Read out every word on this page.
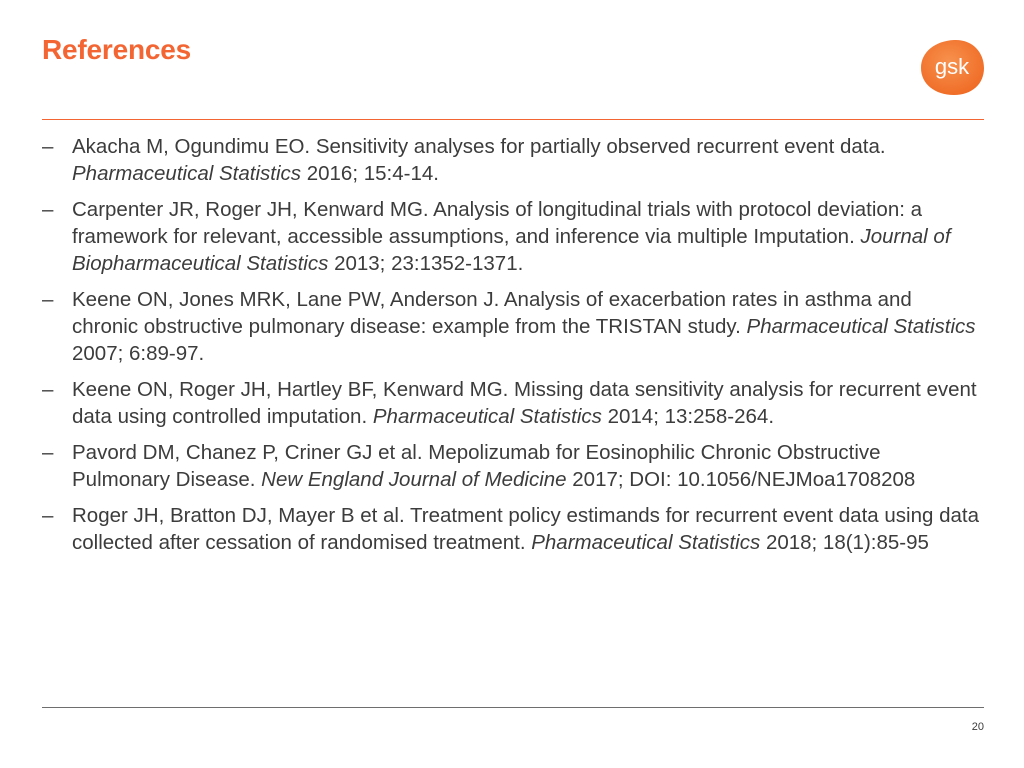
References
gsk
– Akacha M, Ogundimu EO. Sensitivity analyses for partially observed recurrent event data. Pharmaceutical Statistics 2016; 15:4-14.
– Carpenter JR, Roger JH, Kenward MG. Analysis of longitudinal trials with protocol deviation: a framework for relevant, accessible assumptions, and inference via multiple Imputation. Journal of Biopharmaceutical Statistics 2013; 23:1352-1371.
– Keene ON, Jones MRK, Lane PW, Anderson J. Analysis of exacerbation rates in asthma and chronic obstructive pulmonary disease: example from the TRISTAN study. Pharmaceutical Statistics 2007; 6:89-97.
– Keene ON, Roger JH, Hartley BF, Kenward MG. Missing data sensitivity analysis for recurrent event data using controlled imputation. Pharmaceutical Statistics 2014; 13:258-264.
– Pavord DM, Chanez P, Criner GJ et al. Mepolizumab for Eosinophilic Chronic Obstructive Pulmonary Disease. New England Journal of Medicine 2017; DOI: 10.1056/NEJMoa1708208
– Roger JH, Bratton DJ, Mayer B et al. Treatment policy estimands for recurrent event data using data collected after cessation of randomised treatment. Pharmaceutical Statistics 2018; 18(1):85-95
20
